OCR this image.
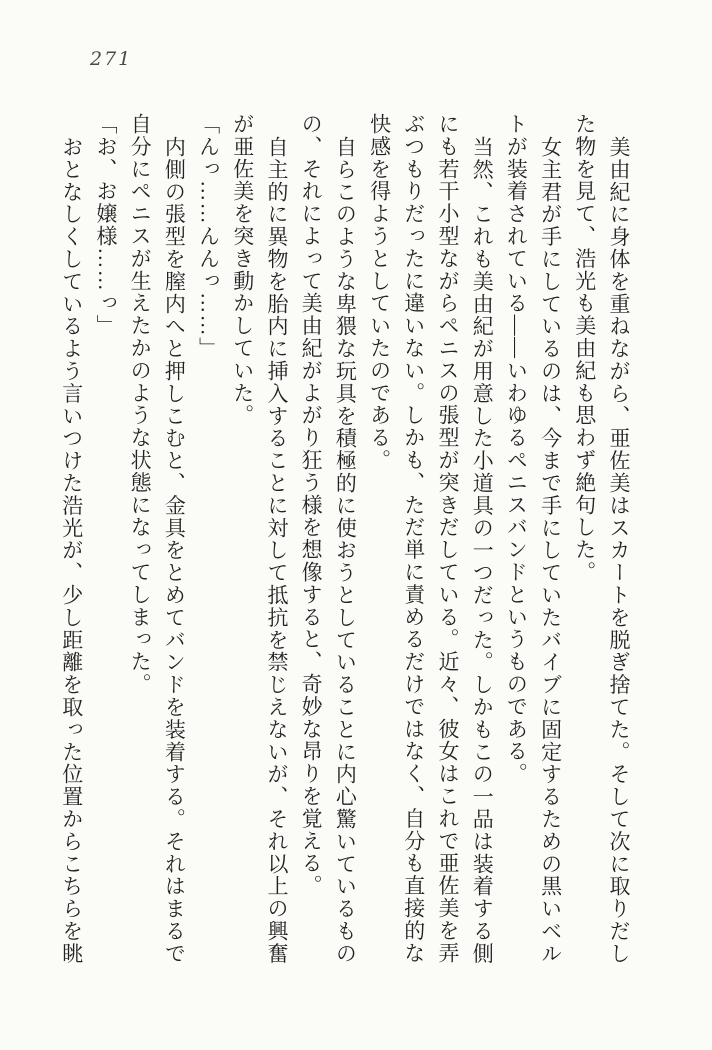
271

美由紀に身体を重ねながら、亜佐美はスカートを脱ぎ捨てた。そして次に取りだし

た物を見て、浩光も美由紀も思わず絶句した。

女主君が手にしているのは、今まで手にしていたバイブに固定するための黒いベル

トが装着されている――いわゆるペニスバンドというものである。

当然、これも美由紀が用意した小道具の一つだった。しかもこの一品は装着する側

にも若干小型ながらペニスの張型が突きだしている。近々、彼女はこれで亜佐美を弄

ぶつもりだったに違いない。しかも、ただ単に責めるだけではなく、自分も直接的な

快感を得ようとしていたのである。

自らこのような卑猥な玩具を積極的に使おうとしていることに内心驚いているもの

の、それによって美由紀がよがり狂う様を想像すると、奇妙な昂りを覚える。

自主的に異物を胎内に挿入することに対して抵抗を禁じえないが、それ以上の興奮

が亜佐美を突き動かしていた。

「んっ……んんっ……」

内側の張型を膣内へと押しこむと、金具をとめてバンドを装着する。それはまるで

自分にペニスが生えたかのような状態になってしまった。

「お、お嬢様……っ」

おとなしくしているよう言いつけた浩光が、少し距離を取った位置からこちらを眺
